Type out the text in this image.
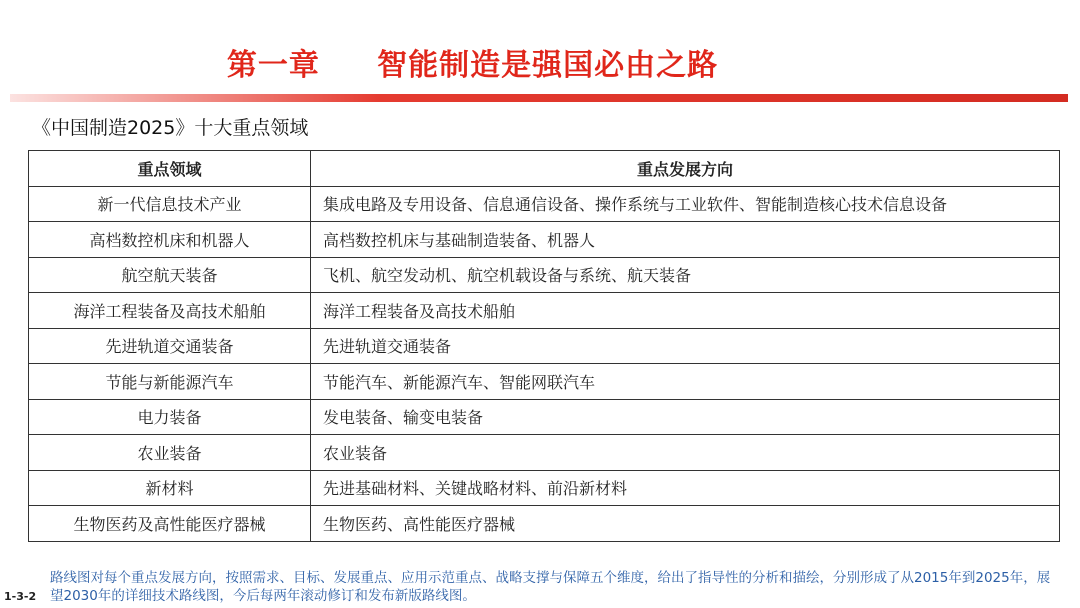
第一章     智能制造是强国必由之路
《中国制造2025》十大重点领域
重点领域	重点发展方向
新一代信息技术产业	集成电路及专用设备、信息通信设备、操作系统与工业软件、智能制造核心技术信息设备
高档数控机床和机器人	高档数控机床与基础制造装备、机器人
航空航天装备	飞机、航空发动机、航空机载设备与系统、航天装备
海洋工程装备及高技术船舶	海洋工程装备及高技术船舶
先进轨道交通装备	先进轨道交通装备
节能与新能源汽车	节能汽车、新能源汽车、智能网联汽车
电力装备	发电装备、输变电装备
农业装备	农业装备
新材料	先进基础材料、关键战略材料、前沿新材料
生物医药及高性能医疗器械	生物医药、高性能医疗器械
路线图对每个重点发展方向，按照需求、目标、发展重点、应用示范重点、战略支撑与保障五个维度，给出了指导性的分析和描绘，分别形成了从2015年到2025年，展望2030年的详细技术路线图，今后每两年滚动修订和发布新版路线图。
1-3-2
